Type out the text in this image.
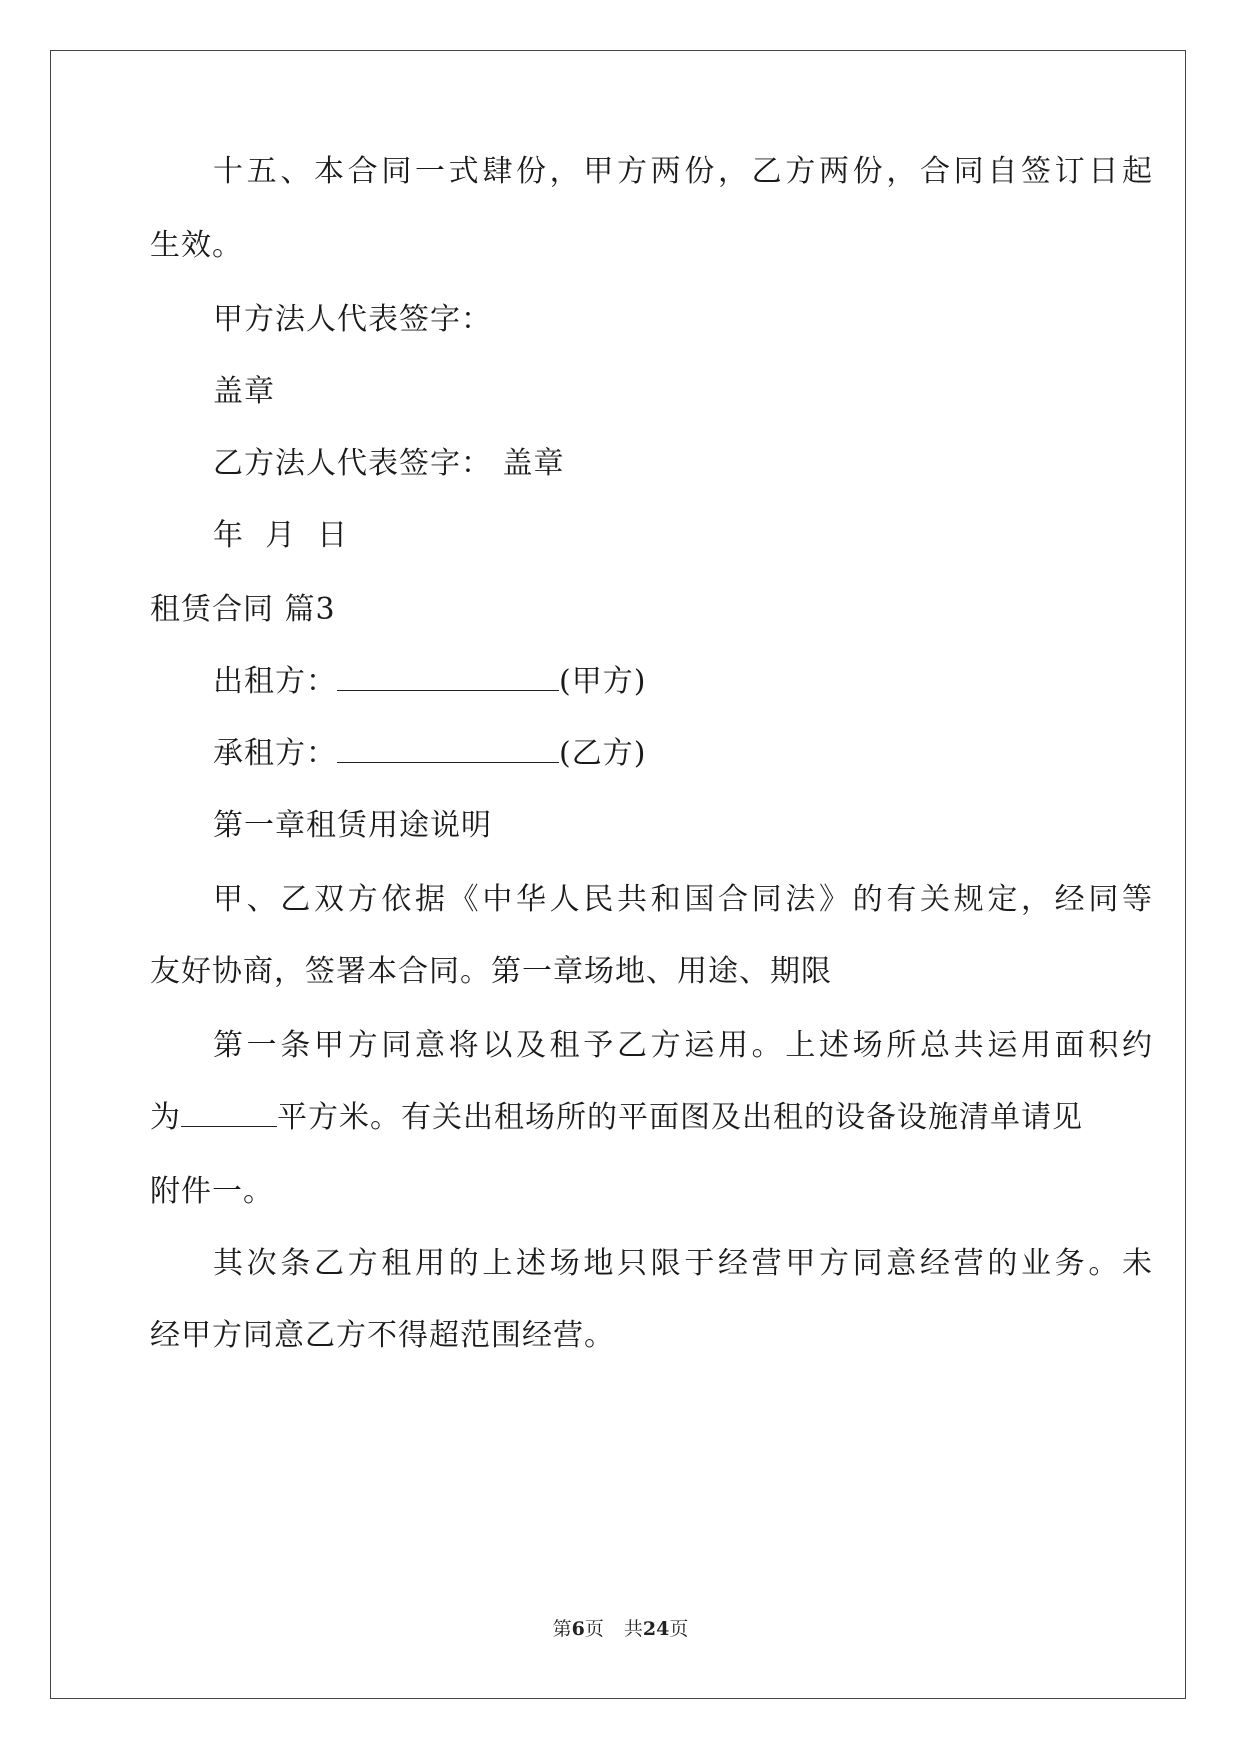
十五、本合同一式肆份，甲方两份，乙方两份，合同自签订日起
生效。
甲方法人代表签字：
盖章
乙方法人代表签字： 盖章
年  月  日
租赁合同 篇3
出租方：	(甲方)
承租方：	(乙方)
第一章租赁用途说明
甲、乙双方依据《中华人民共和国合同法》的有关规定，经同等
友好协商，签署本合同。第一章场地、用途、期限
第一条甲方同意将以及租予乙方运用。上述场所总共运用面积约
为	平方米。有关出租场所的平面图及出租的设备设施清单请见
附件一。
其次条乙方租用的上述场地只限于经营甲方同意经营的业务。未
经甲方同意乙方不得超范围经营。
第6页 共24页
